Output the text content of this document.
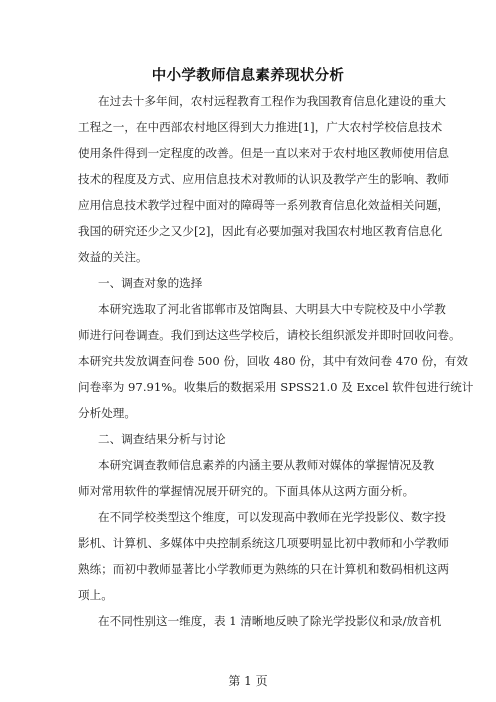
中小学教师信息素养现状分析
在过去十多年间，农村远程教育工程作为我国教育信息化建设的重大
工程之一，在中西部农村地区得到大力推进[1]，广大农村学校信息技术
使用条件得到一定程度的改善。但是一直以来对于农村地区教师使用信息
技术的程度及方式、应用信息技术对教师的认识及教学产生的影响、教师
应用信息技术教学过程中面对的障碍等一系列教育信息化效益相关问题，
我国的研究还少之又少[2]，因此有必要加强对我国农村地区教育信息化
效益的关注。
一、调查对象的选择
本研究选取了河北省邯郸市及馆陶县、大明县大中专院校及中小学教
师进行问卷调查。我们到达这些学校后，请校长组织派发并即时回收问卷。
本研究共发放调查问卷 500 份，回收 480 份，其中有效问卷 470 份，有效
问卷率为 97.91%。收集后的数据采用 SPSS21.0 及 Excel 软件包进行统计
分析处理。
二、调查结果分析与讨论
本研究调查教师信息素养的内涵主要从教师对媒体的掌握情况及教
师对常用软件的掌握情况展开研究的。下面具体从这两方面分析。
在不同学校类型这个维度，可以发现高中教师在光学投影仪、数字投
影机、计算机、多媒体中央控制系统这几项要明显比初中教师和小学教师
熟练；而初中教师显著比小学教师更为熟练的只在计算机和数码相机这两
项上。
在不同性别这一维度，表 1 清晰地反映了除光学投影仪和录/放音机
第 1 页
